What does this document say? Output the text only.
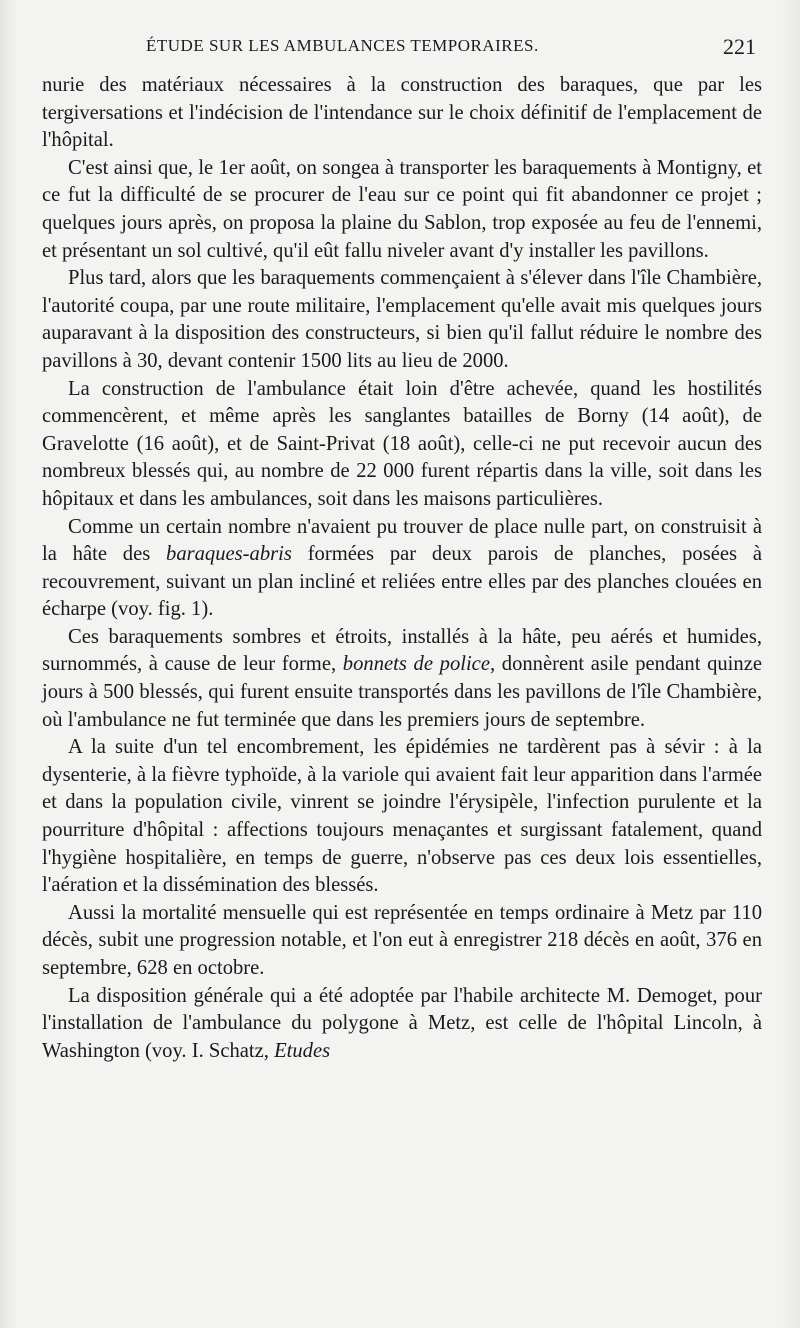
ÉTUDE SUR LES AMBULANCES TEMPORAIRES.	221

nurie des matériaux nécessaires à la construction des baraques, que par les tergiversations et l'indécision de l'intendance sur le choix définitif de l'emplacement de l'hôpital.

C'est ainsi que, le 1er août, on songea à transporter les baraquements à Montigny, et ce fut la difficulté de se procurer de l'eau sur ce point qui fit abandonner ce projet ; quelques jours après, on proposa la plaine du Sablon, trop exposée au feu de l'ennemi, et présentant un sol cultivé, qu'il eût fallu niveler avant d'y installer les pavillons.

Plus tard, alors que les baraquements commençaient à s'élever dans l'île Chambière, l'autorité coupa, par une route militaire, l'emplacement qu'elle avait mis quelques jours auparavant à la disposition des constructeurs, si bien qu'il fallut réduire le nombre des pavillons à 30, devant contenir 1500 lits au lieu de 2000.

La construction de l'ambulance était loin d'être achevée, quand les hostilités commencèrent, et même après les sanglantes batailles de Borny (14 août), de Gravelotte (16 août), et de Saint-Privat (18 août), celle-ci ne put recevoir aucun des nombreux blessés qui, au nombre de 22 000 furent répartis dans la ville, soit dans les hôpitaux et dans les ambulances, soit dans les maisons particulières.

Comme un certain nombre n'avaient pu trouver de place nulle part, on construisit à la hâte des baraques-abris formées par deux parois de planches, posées à recouvrement, suivant un plan incliné et reliées entre elles par des planches clouées en écharpe (voy. fig. 1).

Ces baraquements sombres et étroits, installés à la hâte, peu aérés et humides, surnommés, à cause de leur forme, bonnets de police, donnèrent asile pendant quinze jours à 500 blessés, qui furent ensuite transportés dans les pavillons de l'île Chambière, où l'ambulance ne fut terminée que dans les premiers jours de septembre.

A la suite d'un tel encombrement, les épidémies ne tardèrent pas à sévir : à la dysenterie, à la fièvre typhoïde, à la variole qui avaient fait leur apparition dans l'armée et dans la population civile, vinrent se joindre l'érysipèle, l'infection purulente et la pourriture d'hôpital : affections toujours menaçantes et surgissant fatalement, quand l'hygiène hospitalière, en temps de guerre, n'observe pas ces deux lois essentielles, l'aération et la dissémination des blessés.

Aussi la mortalité mensuelle qui est représentée en temps ordinaire à Metz par 110 décès, subit une progression notable, et l'on eut à enregistrer 218 décès en août, 376 en septembre, 628 en octobre.

La disposition générale qui a été adoptée par l'habile architecte M. Demoget, pour l'installation de l'ambulance du polygone à Metz, est celle de l'hôpital Lincoln, à Washington (voy. I. Schatz, Etudes
